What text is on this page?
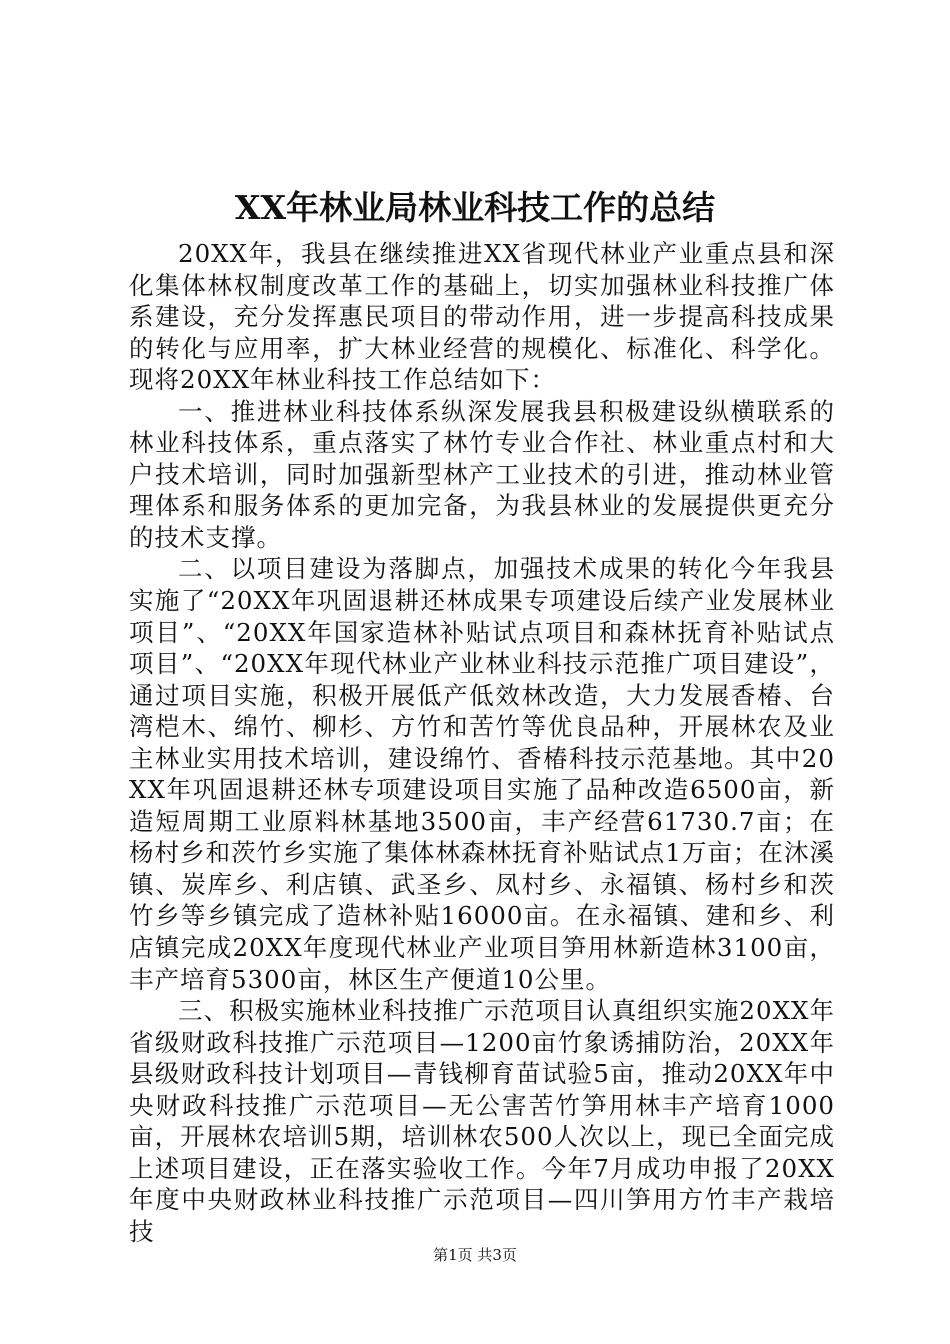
XX年林业局林业科技工作的总结

20XX年，我县在继续推进XX省现代林业产业重点县和深化集体林权制度改革工作的基础上，切实加强林业科技推广体系建设，充分发挥惠民项目的带动作用，进一步提高科技成果的转化与应用率，扩大林业经营的规模化、标准化、科学化。现将20XX年林业科技工作总结如下：

一、推进林业科技体系纵深发展我县积极建设纵横联系的林业科技体系，重点落实了林竹专业合作社、林业重点村和大户技术培训，同时加强新型林产工业技术的引进，推动林业管理体系和服务体系的更加完备，为我县林业的发展提供更充分的技术支撑。

二、以项目建设为落脚点，加强技术成果的转化今年我县实施了“20XX年巩固退耕还林成果专项建设后续产业发展林业项目”、“20XX年国家造林补贴试点项目和森林抚育补贴试点项目”、“20XX年现代林业产业林业科技示范推广项目建设”，通过项目实施，积极开展低产低效林改造，大力发展香椿、台湾桤木、绵竹、柳杉、方竹和苦竹等优良品种，开展林农及业主林业实用技术培训，建设绵竹、香椿科技示范基地。其中20XX年巩固退耕还林专项建设项目实施了品种改造6500亩，新造短周期工业原料林基地3500亩，丰产经营61730.7亩；在杨村乡和茨竹乡实施了集体林森林抚育补贴试点1万亩；在沐溪镇、炭库乡、利店镇、武圣乡、凤村乡、永福镇、杨村乡和茨竹乡等乡镇完成了造林补贴16000亩。在永福镇、建和乡、利店镇完成20XX年度现代林业产业项目笋用林新造林3100亩，丰产培育5300亩，林区生产便道10公里。

三、积极实施林业科技推广示范项目认真组织实施20XX年省级财政科技推广示范项目—1200亩竹象诱捕防治，20XX年县级财政科技计划项目—青钱柳育苗试验5亩，推动20XX年中央财政科技推广示范项目—无公害苦竹笋用林丰产培育1000亩，开展林农培训5期，培训林农500人次以上，现已全面完成上述项目建设，正在落实验收工作。今年7月成功申报了20XX年度中央财政林业科技推广示范项目—四川笋用方竹丰产栽培技

第1页 共3页
